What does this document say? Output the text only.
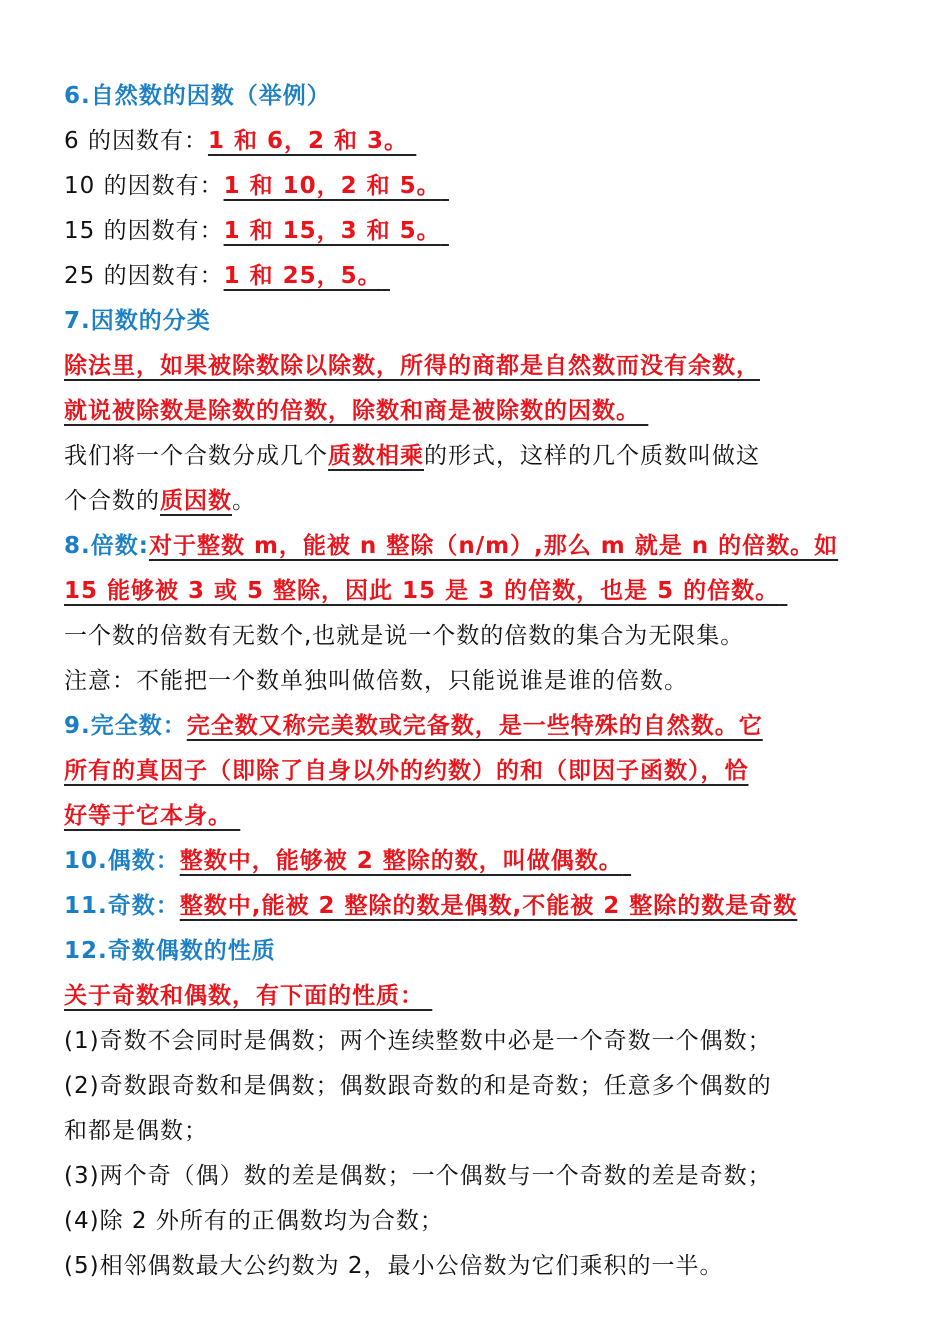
6.自然数的因数（举例）
6 的因数有：1 和 6，2 和 3。
10 的因数有：1 和 10，2 和 5。
15 的因数有：1 和 15，3 和 5。
25 的因数有：1 和 25，5。
7.因数的分类
除法里，如果被除数除以除数，所得的商都是自然数而没有余数，
就说被除数是除数的倍数，除数和商是被除数的因数。
我们将一个合数分成几个质数相乘的形式，这样的几个质数叫做这
个合数的质因数。
8.倍数:对于整数 m，能被 n 整除（n/m）,那么 m 就是 n 的倍数。如
15 能够被 3 或 5 整除，因此 15 是 3 的倍数，也是 5 的倍数。
一个数的倍数有无数个,也就是说一个数的倍数的集合为无限集。
注意：不能把一个数单独叫做倍数，只能说谁是谁的倍数。
9.完全数：完全数又称完美数或完备数，是一些特殊的自然数。它
所有的真因子（即除了自身以外的约数）的和（即因子函数），恰
好等于它本身。
10.偶数：整数中，能够被 2 整除的数，叫做偶数。
11.奇数：整数中,能被 2 整除的数是偶数,不能被 2 整除的数是奇数
12.奇数偶数的性质
关于奇数和偶数，有下面的性质：
(1)奇数不会同时是偶数；两个连续整数中必是一个奇数一个偶数；
(2)奇数跟奇数和是偶数；偶数跟奇数的和是奇数；任意多个偶数的
和都是偶数；
(3)两个奇（偶）数的差是偶数；一个偶数与一个奇数的差是奇数；
(4)除 2 外所有的正偶数均为合数；
(5)相邻偶数最大公约数为 2，最小公倍数为它们乘积的一半。
